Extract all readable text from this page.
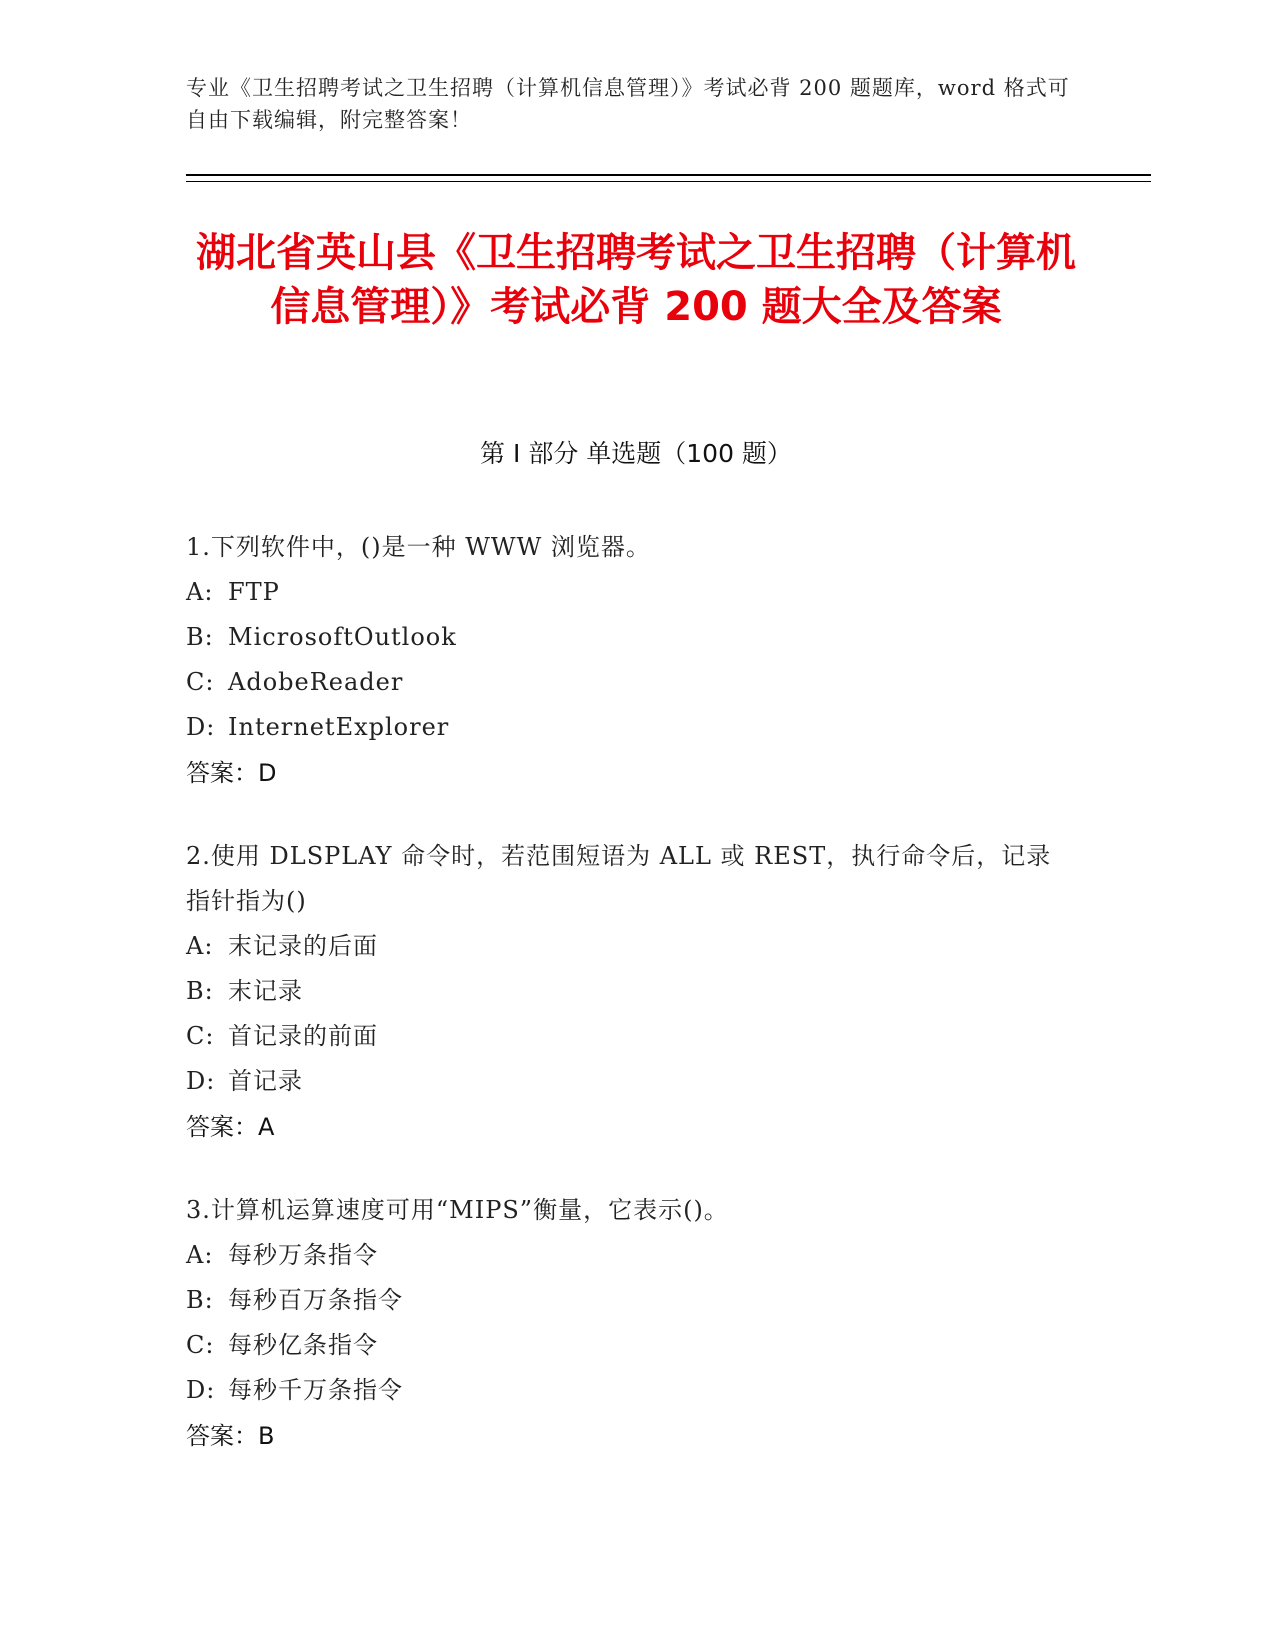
专业《卫生招聘考试之卫生招聘（计算机信息管理）》考试必背 200 题题库，word 格式可自由下载编辑，附完整答案！
湖北省英山县《卫生招聘考试之卫生招聘（计算机信息管理）》考试必背 200 题大全及答案
第 I 部分 单选题（100 题）

1.下列软件中，()是一种 WWW 浏览器。

A: FTP
B: MicrosoftOutlook
C: AdobeReader
D: InternetExplorer
答案：D

2.使用 DLSPLAY 命令时，若范围短语为 ALL 或 REST，执行命令后，记录指针指为()

A: 末记录的后面
B: 末记录
C: 首记录的前面
D: 首记录
答案：A

3.计算机运算速度可用“MIPS”衡量，它表示()。

A: 每秒万条指令
B: 每秒百万条指令
C: 每秒亿条指令
D: 每秒千万条指令
答案：B
